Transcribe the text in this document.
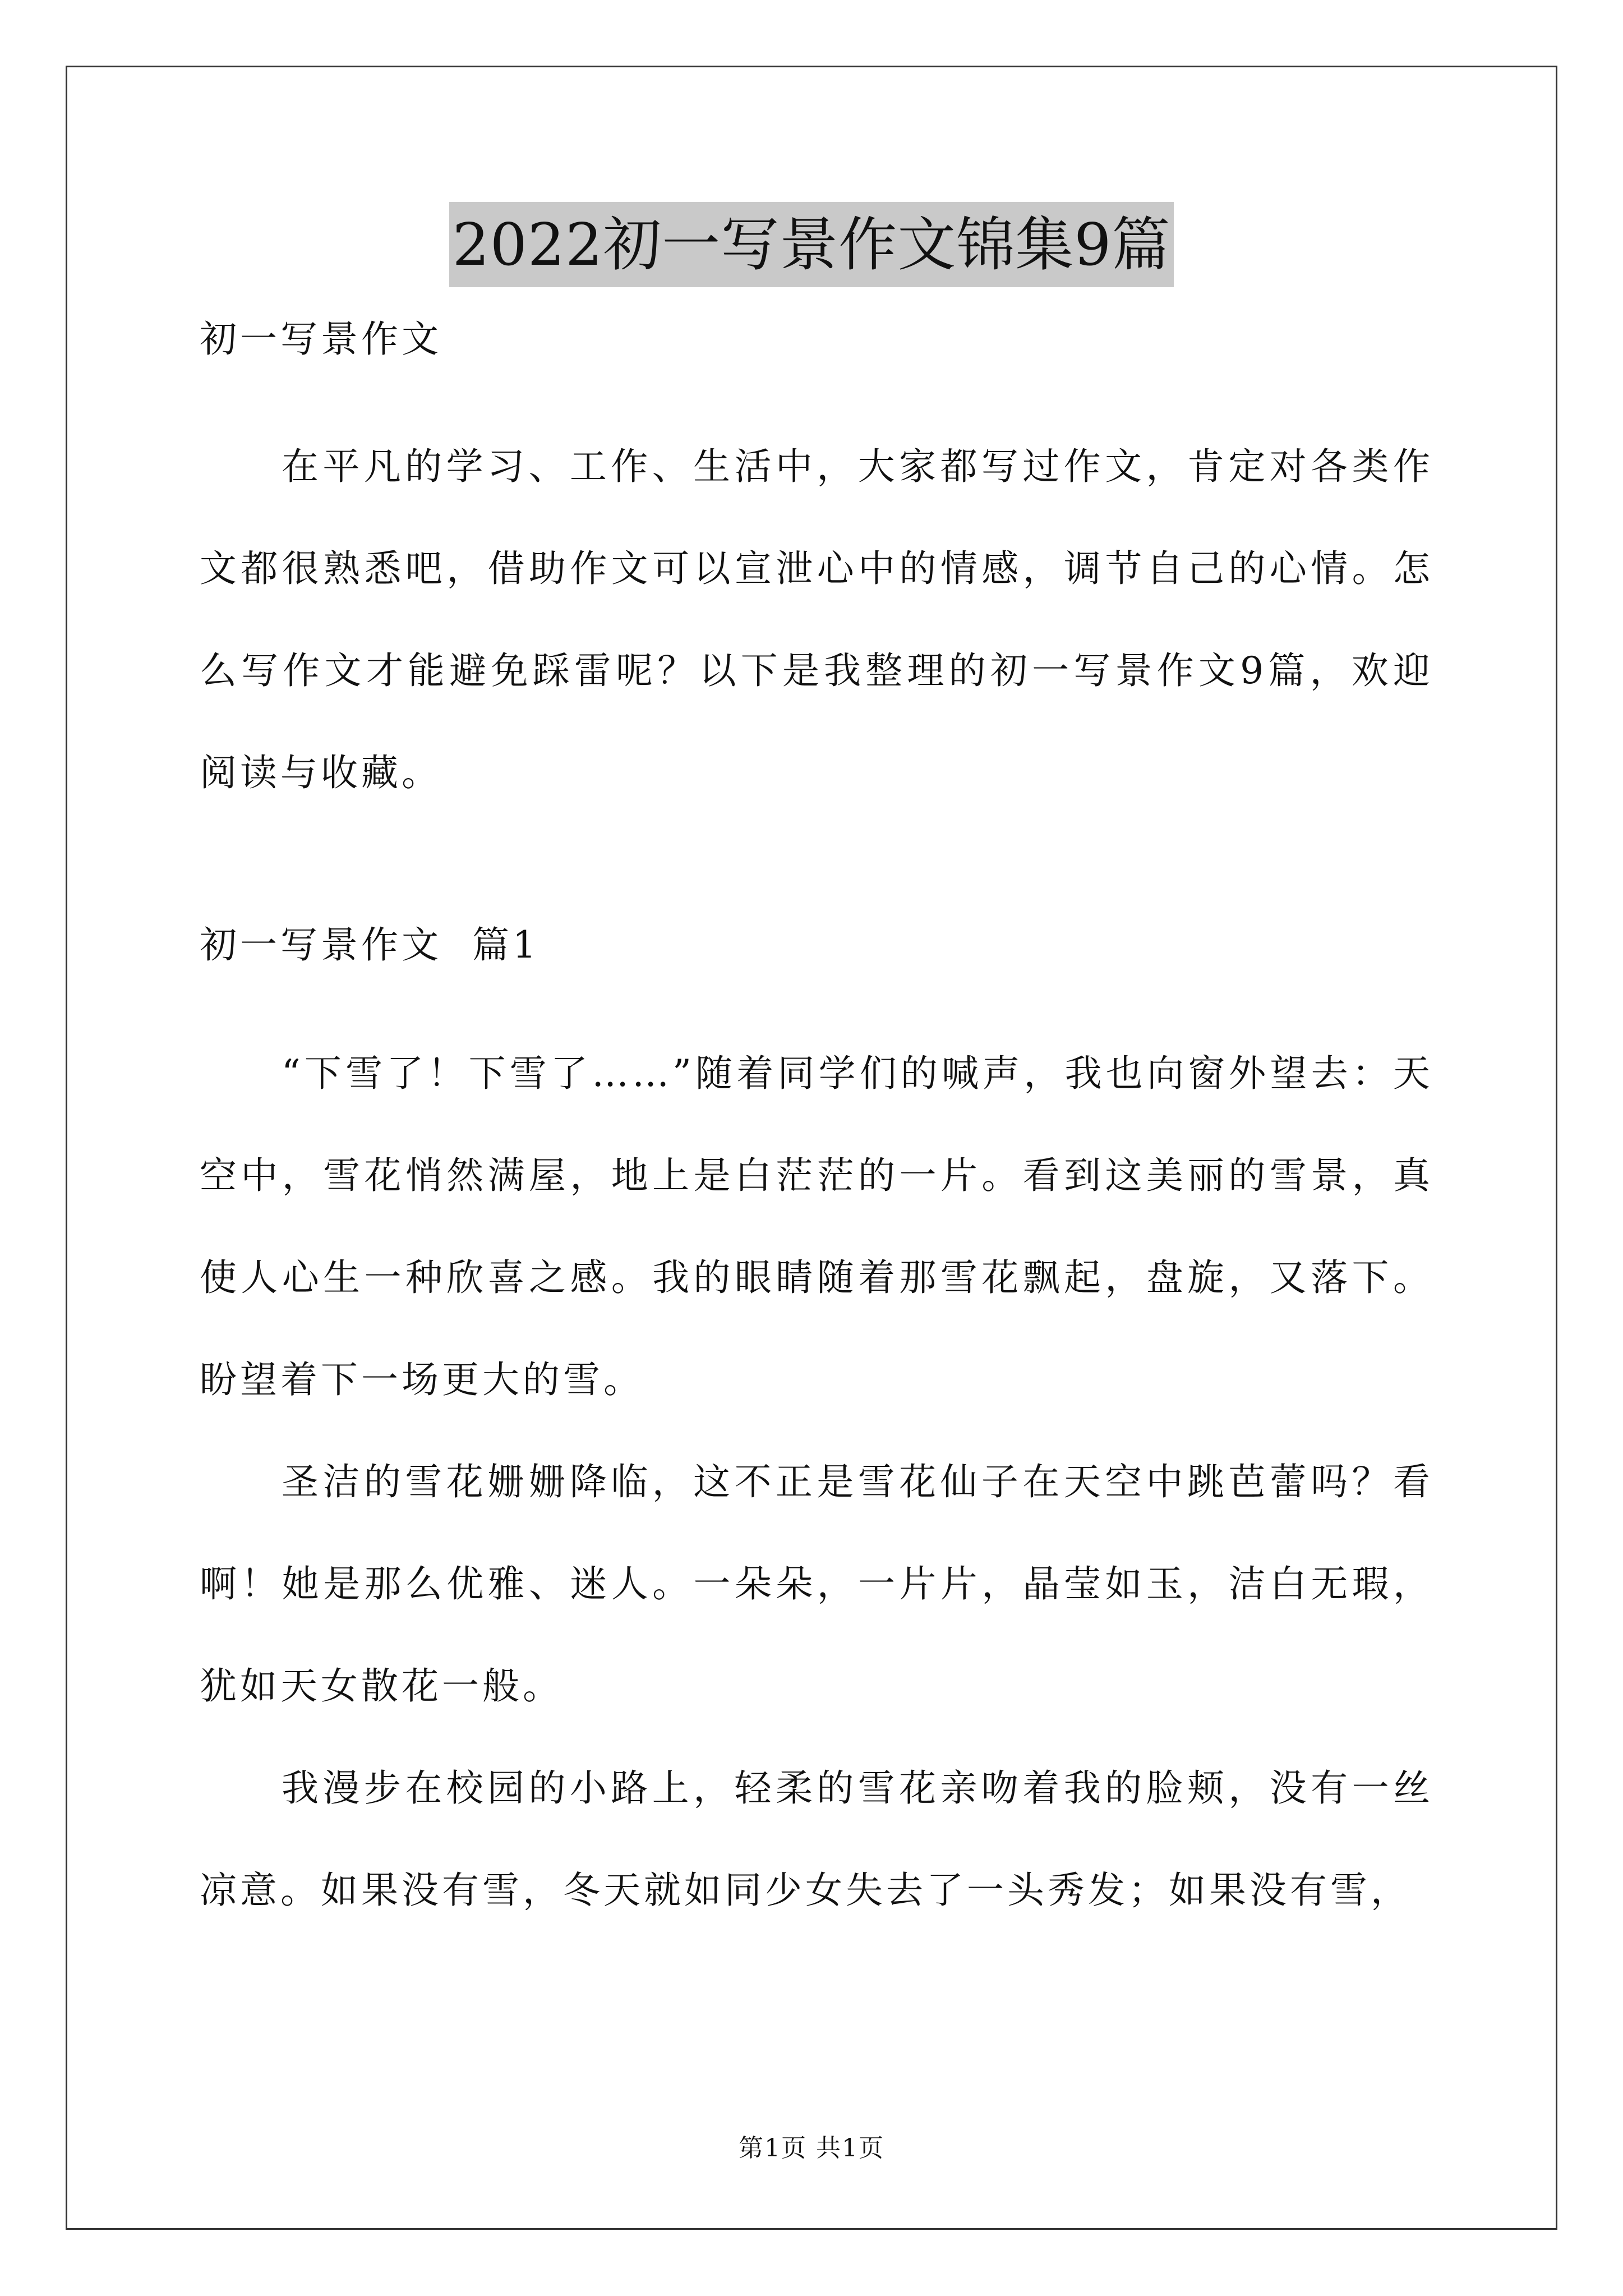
2022初一写景作文锦集9篇

初一写景作文

在平凡的学习、工作、生活中，大家都写过作文，肯定对各类作文都很熟悉吧，借助作文可以宣泄心中的情感，调节自己的心情。怎么写作文才能避免踩雷呢？以下是我整理的初一写景作文9篇，欢迎阅读与收藏。

初一写景作文  篇1

“下雪了！下雪了……”随着同学们的喊声，我也向窗外望去：天空中，雪花悄然满屋，地上是白茫茫的一片。看到这美丽的雪景，真使人心生一种欣喜之感。我的眼睛随着那雪花飘起，盘旋，又落下。盼望着下一场更大的雪。

圣洁的雪花姗姗降临，这不正是雪花仙子在天空中跳芭蕾吗？看啊！她是那么优雅、迷人。一朵朵，一片片，晶莹如玉，洁白无瑕，犹如天女散花一般。

我漫步在校园的小路上，轻柔的雪花亲吻着我的脸颊，没有一丝凉意。如果没有雪，冬天就如同少女失去了一头秀发；如果没有雪，

第1页 共1页
